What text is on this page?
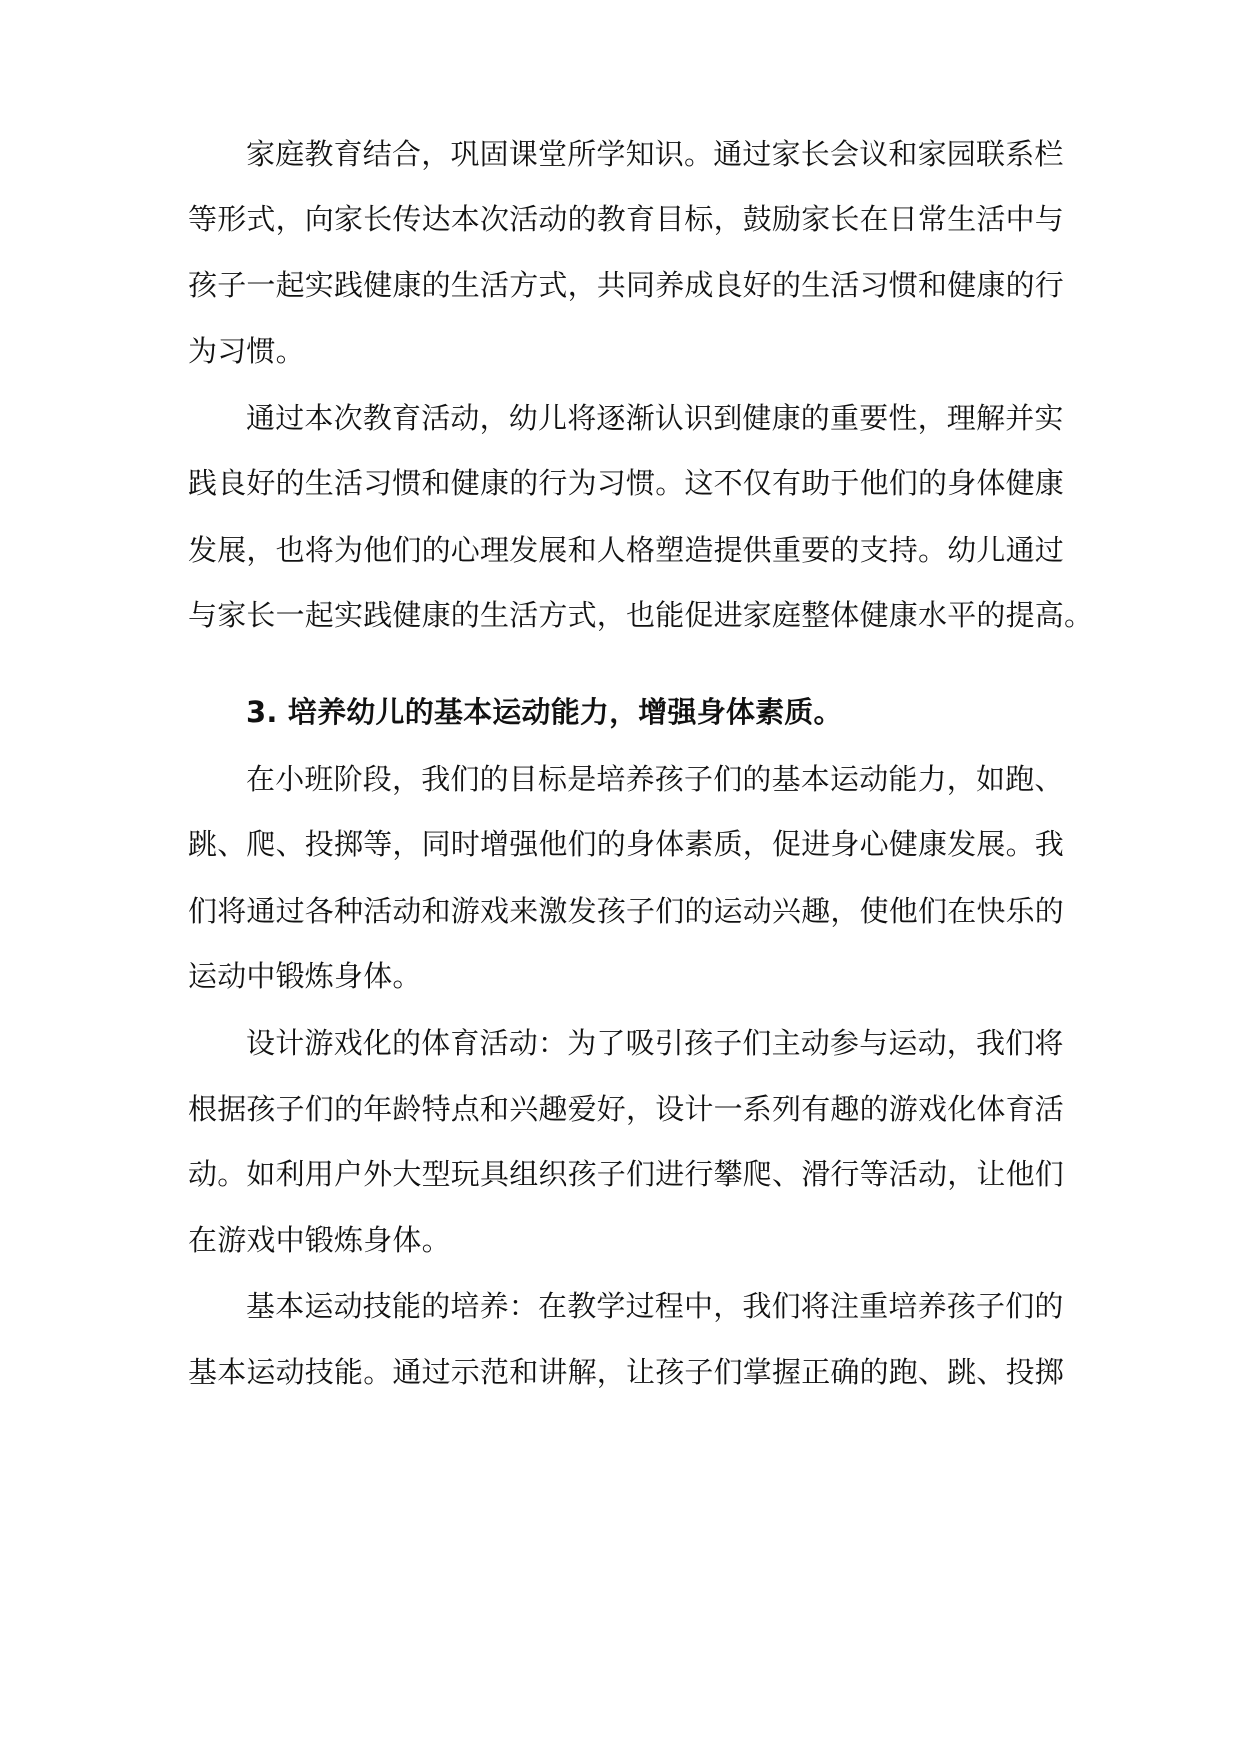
家庭教育结合，巩固课堂所学知识。通过家长会议和家园联系栏
等形式，向家长传达本次活动的教育目标，鼓励家长在日常生活中与
孩子一起实践健康的生活方式，共同养成良好的生活习惯和健康的行
为习惯。
通过本次教育活动，幼儿将逐渐认识到健康的重要性，理解并实
践良好的生活习惯和健康的行为习惯。这不仅有助于他们的身体健康
发展，也将为他们的心理发展和人格塑造提供重要的支持。幼儿通过
与家长一起实践健康的生活方式，也能促进家庭整体健康水平的提高。
3. 培养幼儿的基本运动能力，增强身体素质。
在小班阶段，我们的目标是培养孩子们的基本运动能力，如跑、
跳、爬、投掷等，同时增强他们的身体素质，促进身心健康发展。我
们将通过各种活动和游戏来激发孩子们的运动兴趣，使他们在快乐的
运动中锻炼身体。
设计游戏化的体育活动：为了吸引孩子们主动参与运动，我们将
根据孩子们的年龄特点和兴趣爱好，设计一系列有趣的游戏化体育活
动。如利用户外大型玩具组织孩子们进行攀爬、滑行等活动，让他们
在游戏中锻炼身体。
基本运动技能的培养：在教学过程中，我们将注重培养孩子们的
基本运动技能。通过示范和讲解，让孩子们掌握正确的跑、跳、投掷
